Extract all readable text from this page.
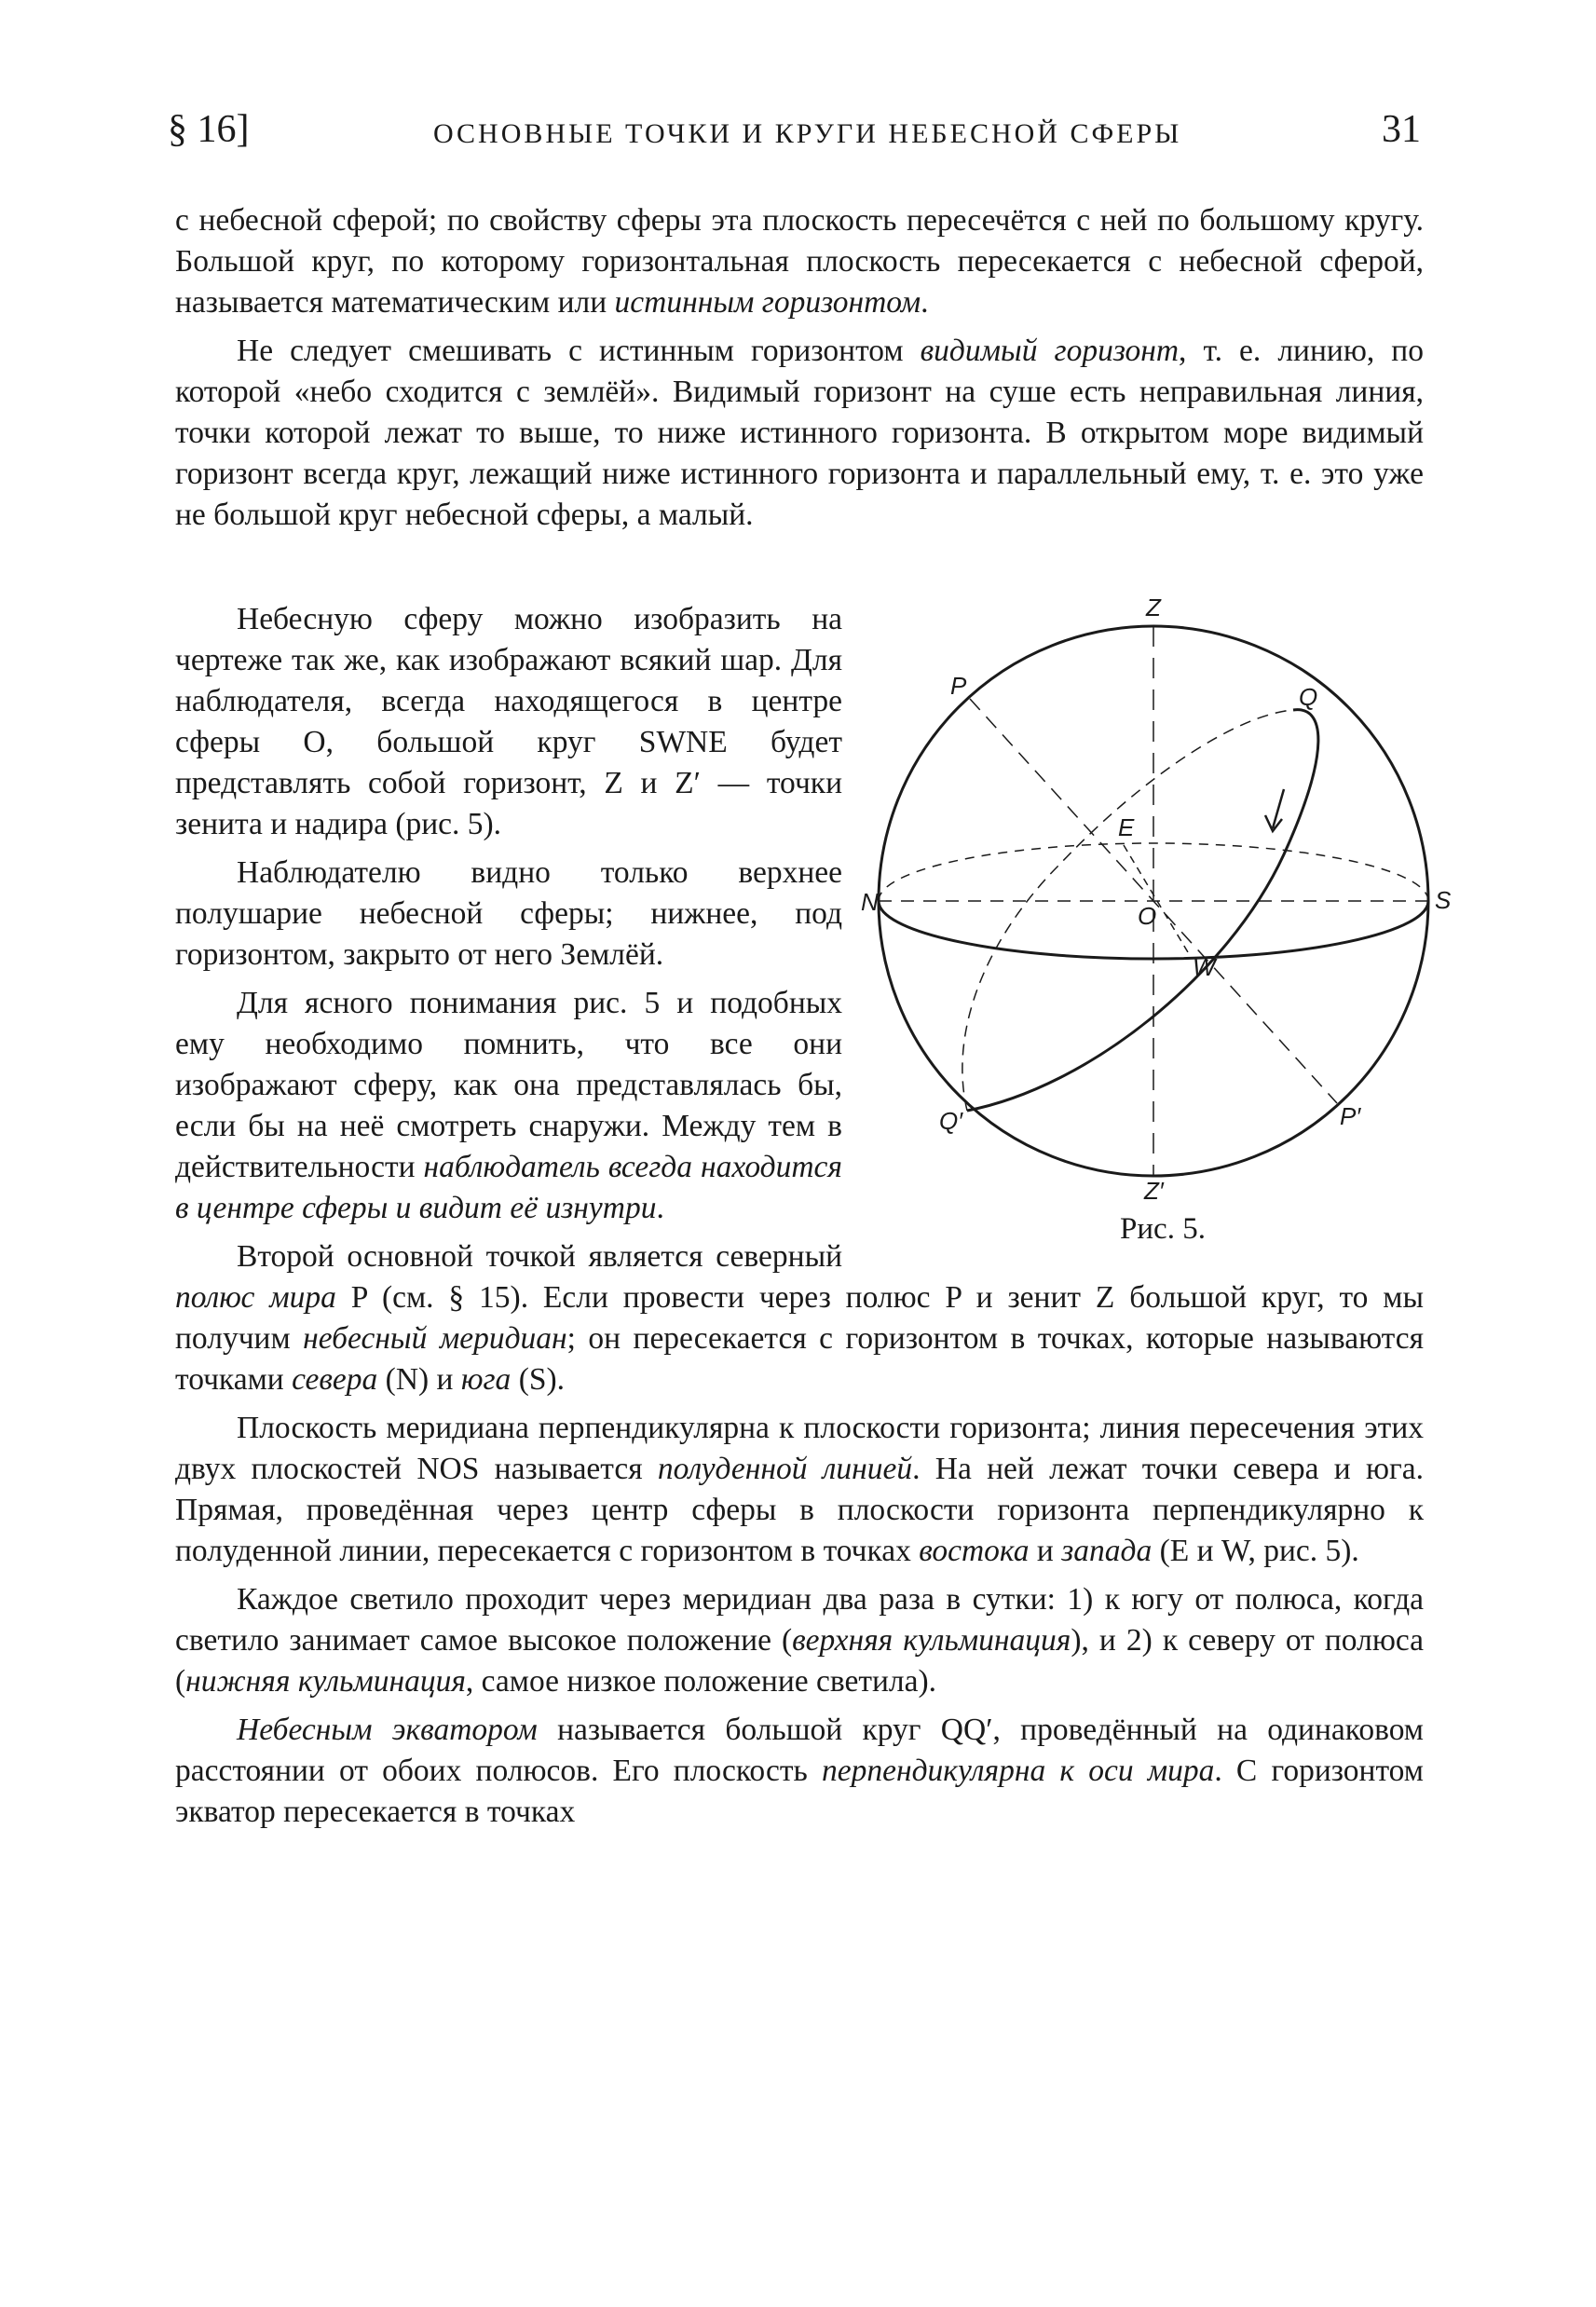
§ 16]	ОСНОВНЫЕ ТОЧКИ И КРУГИ НЕБЕСНОЙ СФЕРЫ	31

с небесной сферой; по свойству сферы эта плоскость пересечётся с ней по большому кругу. Большой круг, по которому горизонтальная плоскость пересекается с небесной сферой, называется математическим или истинным горизонтом.

Не следует смешивать с истинным горизонтом видимый горизонт, т. е. линию, по которой «небо сходится с землёй». Видимый горизонт на суше есть неправильная линия, точки которой лежат то выше, то ниже истинного горизонта. В открытом море видимый горизонт всегда круг, лежащий ниже истинного горизонта и параллельный ему, т. е. это уже не большой круг небесной сферы, а малый.

Z
Z′
P
P′
Q
Q′
N	S
E
W
O
Рис. 5.

Небесную сферу можно изобразить на чертеже так же, как изображают всякий шар. Для наблюдателя, всегда находящегося в центре сферы O, большой круг SWNE будет представлять собой горизонт, Z и Z′ — точки зенита и надира (рис. 5).

Наблюдателю видно только верхнее полушарие небесной сферы; нижнее, под горизонтом, закрыто от него Землёй.

Для ясного понимания рис. 5 и подобных ему необходимо помнить, что все они изображают сферу, как она представлялась бы, если бы на неё смотреть снаружи. Между тем в действительности наблюдатель всегда находится в центре сферы и видит её изнутри.

Второй основной точкой является северный полюс мира P (см. § 15). Если провести через полюс P и зенит Z большой круг, то мы получим небесный меридиан; он пересекается с горизонтом в точках, которые называются точками севера (N) и юга (S).

Плоскость меридиана перпендикулярна к плоскости горизонта; линия пересечения этих двух плоскостей NOS называется полуденной линией. На ней лежат точки севера и юга. Прямая, проведённая через центр сферы в плоскости горизонта перпендикулярно к полуденной линии, пересекается с горизонтом в точках востока и запада (E и W, рис. 5).

Каждое светило проходит через меридиан два раза в сутки: 1) к югу от полюса, когда светило занимает самое высокое положение (верхняя кульминация), и 2) к северу от полюса (нижняя кульминация, самое низкое положение светила).

Небесным экватором называется большой круг QQ′, проведённый на одинаковом расстоянии от обоих полюсов. Его плоскость перпендикулярна к оси мира. С горизонтом экватор пересекается в точках
